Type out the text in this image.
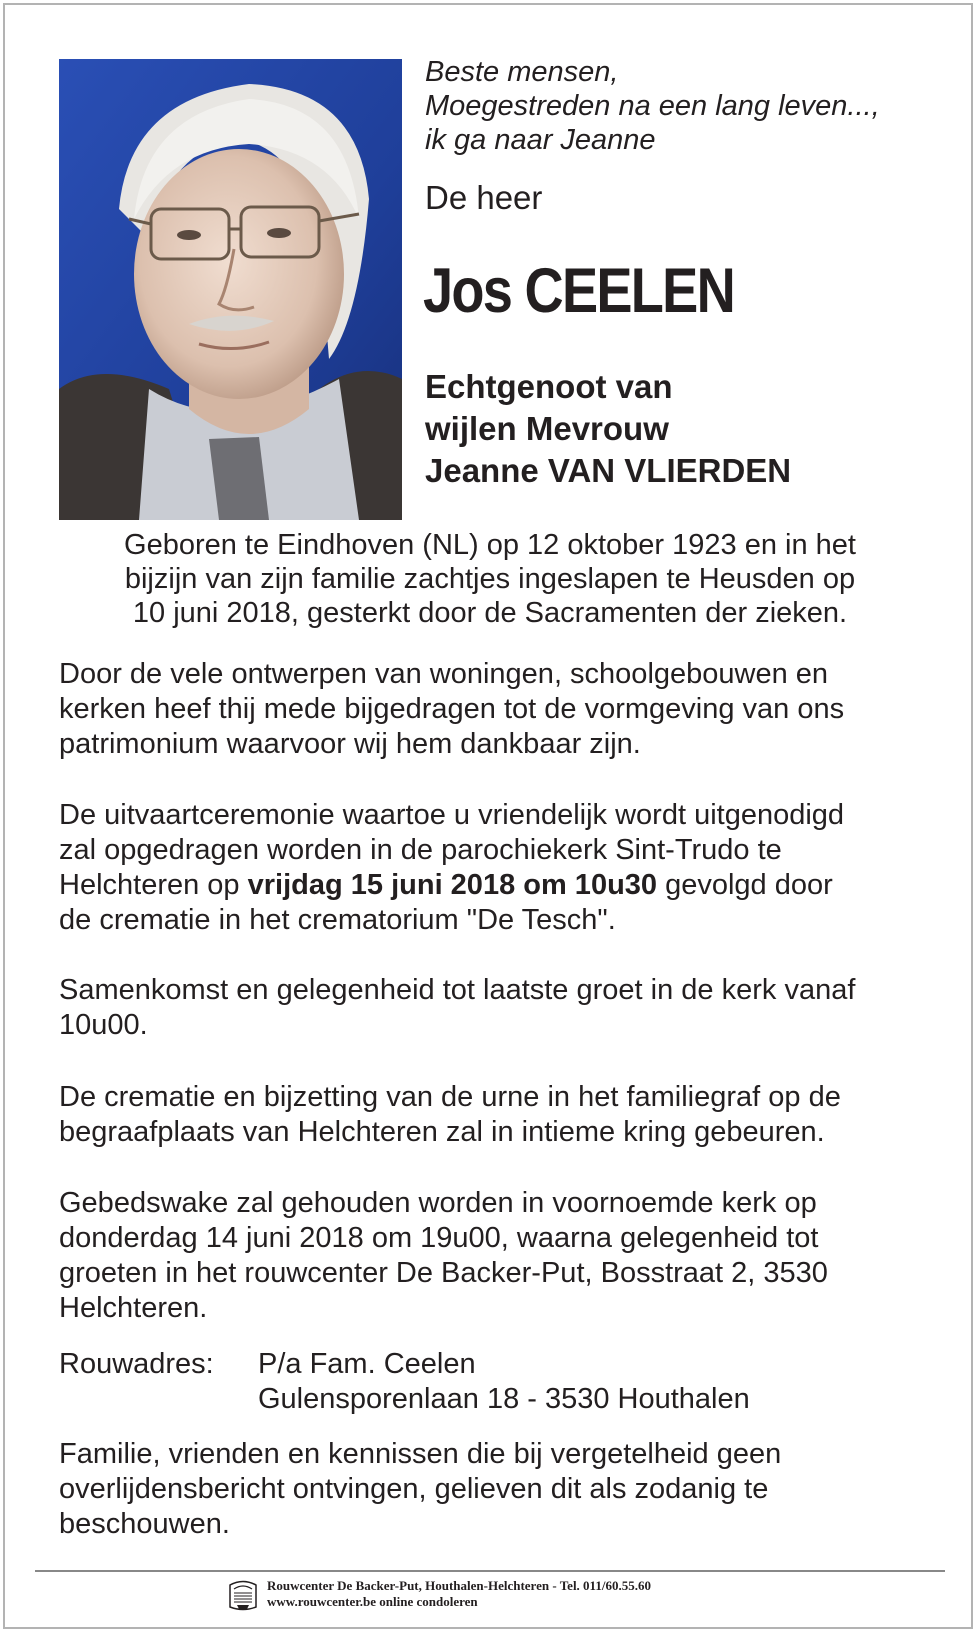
Beste mensen,
Moegestreden na een lang leven...,
ik ga naar Jeanne
De heer
Jos CEELEN
Echtgenoot van
wijlen Mevrouw
Jeanne VAN VLIERDEN
Geboren te Eindhoven (NL) op 12 oktober 1923 en in het
bijzijn van zijn familie zachtjes ingeslapen te Heusden op
10 juni 2018, gesterkt door de Sacramenten der zieken.
Door de vele ontwerpen van woningen, schoolgebouwen en
kerken heef thij mede bijgedragen tot de vormgeving van ons
patrimonium waarvoor wij hem dankbaar zijn.
De uitvaartceremonie waartoe u vriendelijk wordt uitgenodigd
zal opgedragen worden in de parochiekerk Sint-Trudo te
Helchteren op vrijdag 15 juni 2018 om 10u30 gevolgd door
de crematie in het crematorium "De Tesch".
Samenkomst en gelegenheid tot laatste groet in de kerk vanaf
10u00.
De crematie en bijzetting van de urne in het familiegraf op de
begraafplaats van Helchteren zal in intieme kring gebeuren.
Gebedswake zal gehouden worden in voornoemde kerk op
donderdag 14 juni 2018 om 19u00, waarna gelegenheid tot
groeten in het rouwcenter De Backer-Put, Bosstraat 2, 3530
Helchteren.
Rouwadres: P/a Fam. Ceelen
Gulensporenlaan 18 - 3530 Houthalen
Familie, vrienden en kennissen die bij vergetelheid geen
overlijdensbericht ontvingen, gelieven dit als zodanig te
beschouwen.
Rouwcenter De Backer-Put, Houthalen-Helchteren - Tel. 011/60.55.60
www.rouwcenter.be online condoleren
